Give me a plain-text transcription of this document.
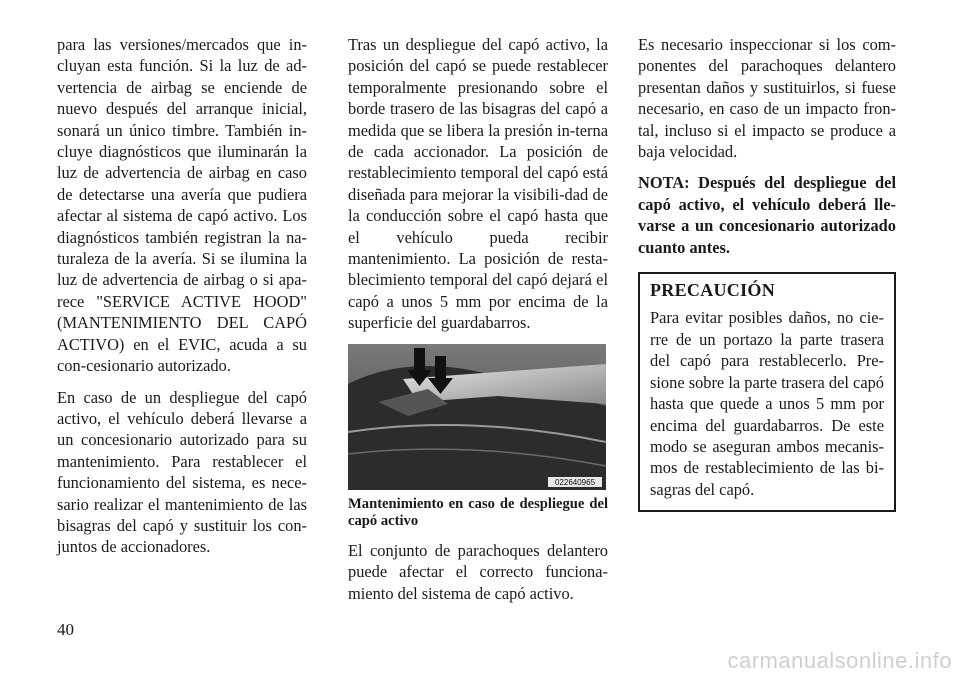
para las versiones/mercados que in-cluyan esta función. Si la luz de ad-vertencia de airbag se enciende de nuevo después del arranque inicial, sonará un único timbre. También in-cluye diagnósticos que iluminarán la luz de advertencia de airbag en caso de detectarse una avería que pudiera afectar al sistema de capó activo. Los diagnósticos también registran la na-turaleza de la avería. Si se ilumina la luz de advertencia de airbag o si apa-rece "SERVICE ACTIVE HOOD" (MANTENIMIENTO DEL CAPÓ ACTIVO) en el EVIC, acuda a su con-cesionario autorizado.

En caso de un despliegue del capó activo, el vehículo deberá llevarse a un concesionario autorizado para su mantenimiento. Para restablecer el funcionamiento del sistema, es nece-sario realizar el mantenimiento de las bisagras del capó y sustituir los con-juntos de accionadores.

Tras un despliegue del capó activo, la posición del capó se puede restablecer temporalmente presionando sobre el borde trasero de las bisagras del capó a medida que se libera la presión in-terna de cada accionador. La posición de restablecimiento temporal del capó está diseñada para mejorar la visibili-dad de la conducción sobre el capó hasta que el vehículo pueda recibir mantenimiento. La posición de resta-blecimiento temporal del capó dejará el capó a unos 5 mm por encima de la superficie del guardabarros.

022640965

Mantenimiento en caso de despliegue del capó activo

El conjunto de parachoques delantero puede afectar el correcto funciona-miento del sistema de capó activo.

Es necesario inspeccionar si los com-ponentes del parachoques delantero presentan daños y sustituirlos, si fuese necesario, en caso de un impacto fron-tal, incluso si el impacto se produce a baja velocidad.

NOTA: Después del despliegue del capó activo, el vehículo deberá lle-varse a un concesionario autorizado cuanto antes.

PRECAUCIÓN

Para evitar posibles daños, no cie-rre de un portazo la parte trasera del capó para restablecerlo. Pre-sione sobre la parte trasera del capó hasta que quede a unos 5 mm por encima del guardabarros. De este modo se aseguran ambos mecanis-mos de restablecimiento de las bi-sagras del capó.

40
carmanualsonline.info
